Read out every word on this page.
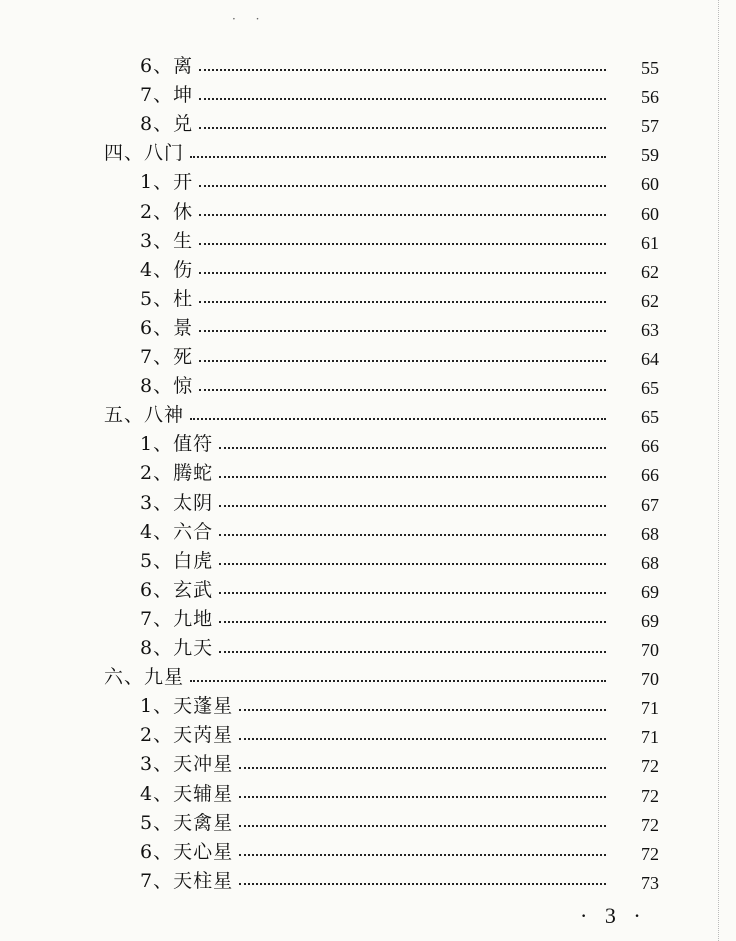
· ·
6、离	55
7、坤	56
8、兑	57
四、八门	59
1、开	60
2、休	60
3、生	61
4、伤	62
5、杜	62
6、景	63
7、死	64
8、惊	65
五、八神	65
1、值符	66
2、腾蛇	66
3、太阴	67
4、六合	68
5、白虎	68
6、玄武	69
7、九地	69
8、九天	70
六、九星	70
1、天蓬星	71
2、天芮星	71
3、天冲星	72
4、天辅星	72
5、天禽星	72
6、天心星	72
7、天柱星	73
· 3 ·
